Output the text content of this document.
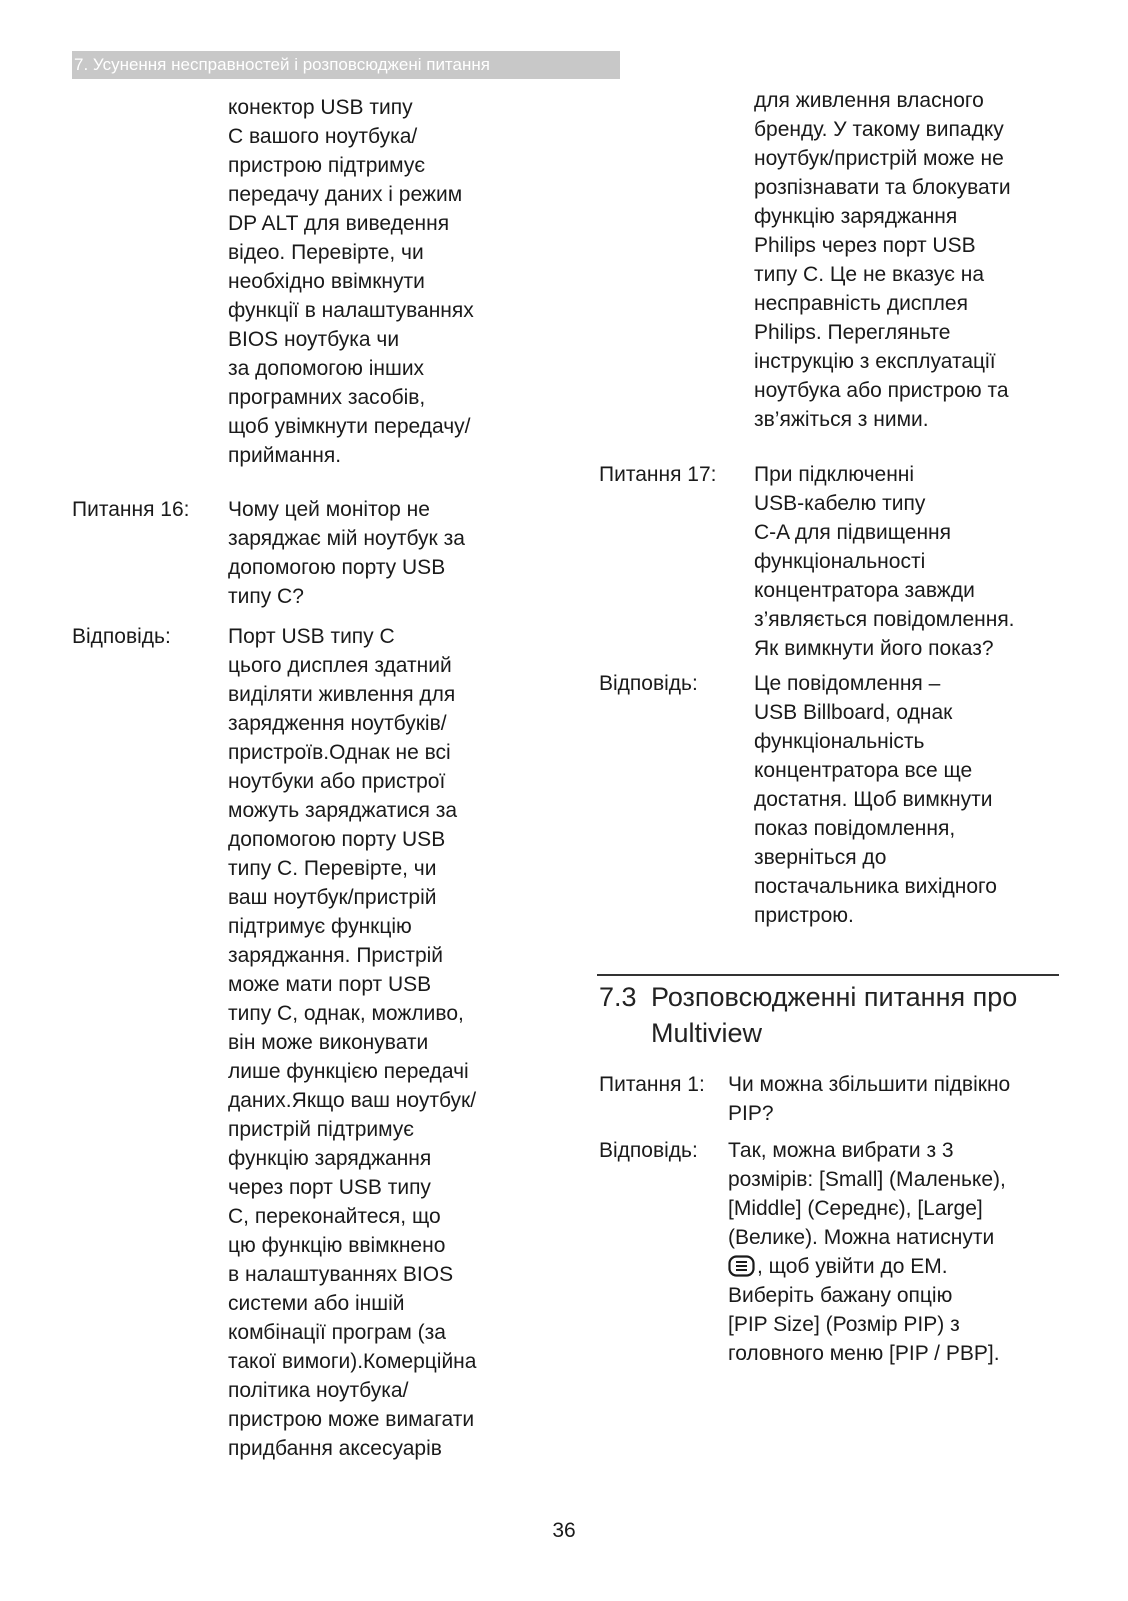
7. Усунення несправностей і розповсюджені питання
конектор USB типу
C вашого ноутбука/
пристрою підтримує
передачу даних і режим
DP ALT для виведення
відео. Перевірте, чи
необхідно ввімкнути
функції в налаштуваннях
BIOS ноутбука чи
за допомогою інших
програмних засобів,
щоб увімкнути передачу/
приймання.
Питання 16: Чому цей монітор не
заряджає мій ноутбук за
допомогою порту USB
типу C?
Відповідь:	Порт USB типу C
цього дисплея здатний
виділяти живлення для
зарядження ноутбуків/
пристроїв.Однак не всі
ноутбуки або пристрої
можуть заряджатися за
допомогою порту USB
типу C. Перевірте, чи
ваш ноутбук/пристрій
підтримує функцію
заряджання. Пристрій
може мати порт USB
типу C, однак, можливо,
він може виконувати
лише функцією передачі
даних.Якщо ваш ноутбук/
пристрій підтримує
функцію заряджання
через порт USB типу
C, переконайтеся, що
цю функцію ввімкнено
в налаштуваннях BIOS
системи або іншій
комбінації програм (за
такої вимоги).Комерційна
політика ноутбука/
пристрою може вимагати
придбання аксесуарів
для живлення власного
бренду. У такому випадку
ноутбук/пристрій може не
розпізнавати та блокувати
функцію заряджання
Philips через порт USB
типу C. Це не вказує на
несправність дисплея
Philips. Перегляньте
інструкцію з експлуатації
ноутбука або пристрою та
зв’яжіться з ними.
Питання 17: При підключенні
USB-кабелю типу
C-A для підвищення
функціональності
концентратора завжди
з’являється повідомлення.
Як вимкнути його показ?
Відповідь:	Це повідомлення –
USB Billboard, однак
функціональність
концентратора все ще
достатня. Щоб вимкнути
показ повідомлення,
зверніться до
постачальника вихідного
пристрою.
7.3 Розповсюдженні питання про
Multiview
Питання 1: Чи можна збільшити підвікно
PIP?
Відповідь: Так, можна вибрати з 3
розмірів: [Small] (Маленьке),
[Middle] (Середнє), [Large]
(Велике). Можна натиснути
, щоб увійти до EM.
Виберіть бажану опцію
[PIP Size] (Розмір PIP) з
головного меню [PIP / PBP].
36
